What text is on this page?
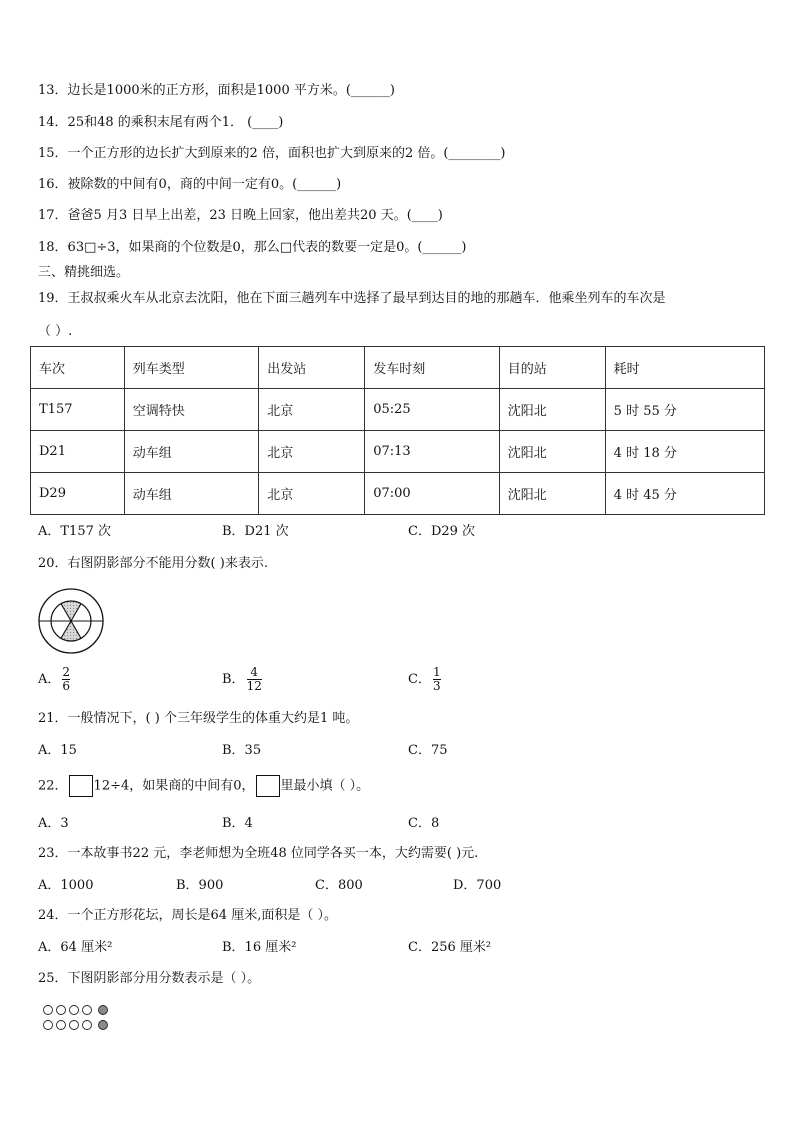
13．边长是1000米的正方形，面积是1000 平方米。(______)
14．25和48 的乘积末尾有两个1． (____)
15．一个正方形的边长扩大到原来的2 倍，面积也扩大到原来的2 倍。(________)
16．被除数的中间有0，商的中间一定有0。(______)
17．爸爸5 月3 日早上出差，23 日晚上回家，他出差共20 天。(____)
18．63□÷3，如果商的个位数是0，那么□代表的数要一定是0。(______)
三、精挑细选。
19．王叔叔乘火车从北京去沈阳，他在下面三趟列车中选择了最早到达目的地的那趟车．他乘坐列车的车次是
（ ）.
车次	列车类型	出发站	发车时刻	目的站	耗时
T157	空调特快	北京	05:25	沈阳北	5 时 55 分
D21	动车组	北京	07:13	沈阳北	4 时 18 分
D29	动车组	北京	07:00	沈阳北	4 时 45 分
A．T157 次	B．D21 次	C．D29 次
20．右图阴影部分不能用分数( )来表示.
A． $\frac{2}{6}$	B． $\frac{4}{12}$	C． $\frac{1}{3}$
21．一般情况下，( ) 个三年级学生的体重大约是1 吨。
A．15	B．35	C．75
22． 12÷4，如果商的中间有0， 里最小填（ ）。
A．3	B．4	C．8
23．一本故事书22 元，李老师想为全班48 位同学各买一本，大约需要( )元.
A．1000	B．900	C．800	D．700
24．一个正方形花坛，周长是64 厘米,面积是（ ）。
A．64 厘米²	B．16 厘米²	C．256 厘米²
25．下图阴影部分用分数表示是（ ）。
